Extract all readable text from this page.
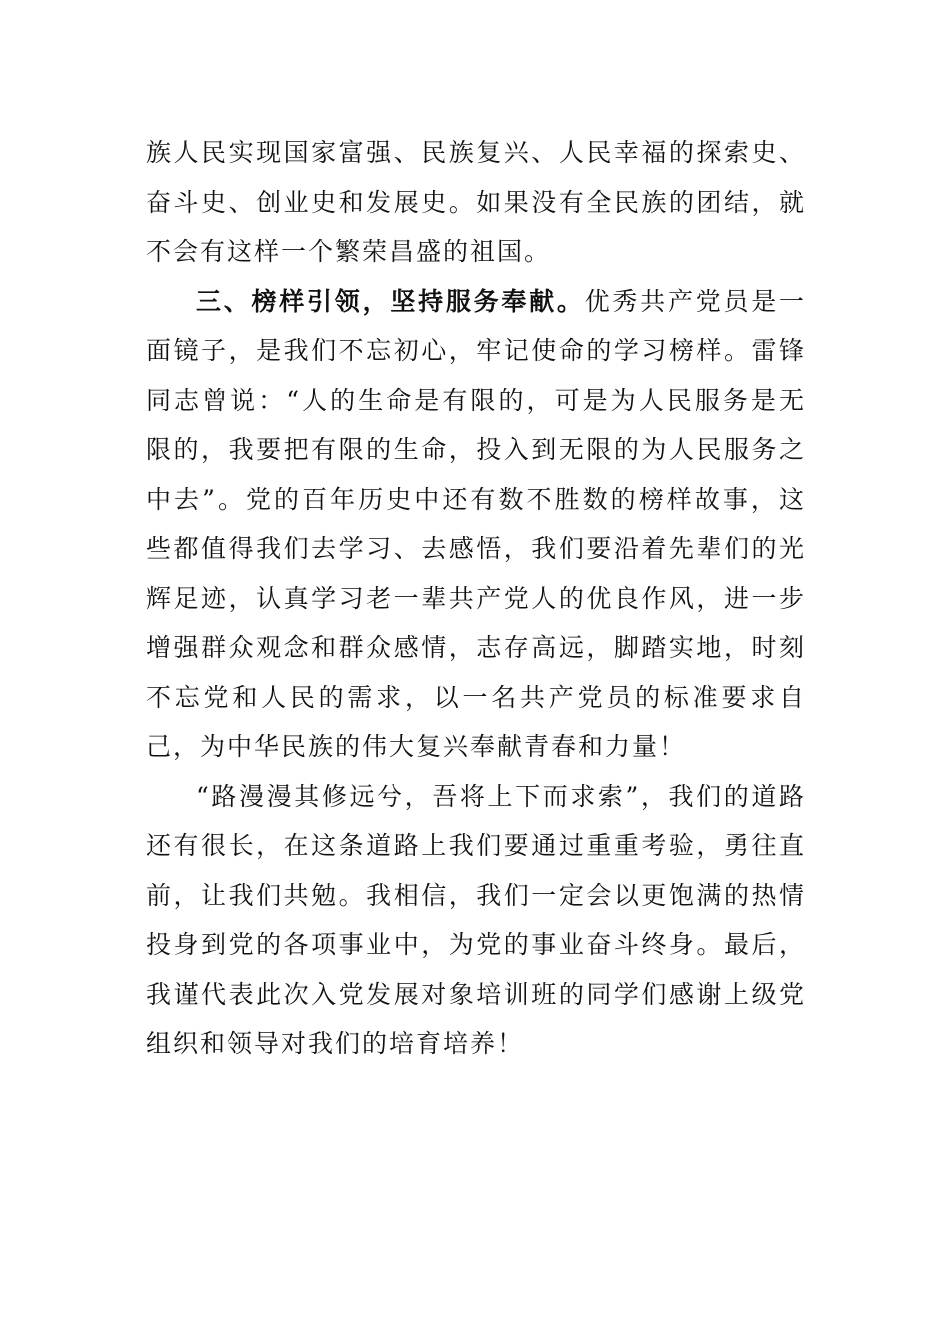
族人民实现国家富强、民族复兴、人民幸福的探索史、奋斗史、创业史和发展史。如果没有全民族的团结，就不会有这样一个繁荣昌盛的祖国。

三、榜样引领，坚持服务奉献。优秀共产党员是一面镜子，是我们不忘初心，牢记使命的学习榜样。雷锋同志曾说：“人的生命是有限的，可是为人民服务是无限的，我要把有限的生命，投入到无限的为人民服务之中去”。党的百年历史中还有数不胜数的榜样故事，这些都值得我们去学习、去感悟，我们要沿着先辈们的光辉足迹，认真学习老一辈共产党人的优良作风，进一步增强群众观念和群众感情，志存高远，脚踏实地，时刻不忘党和人民的需求，以一名共产党员的标准要求自己，为中华民族的伟大复兴奉献青春和力量！

“路漫漫其修远兮，吾将上下而求索”，我们的道路还有很长，在这条道路上我们要通过重重考验，勇往直前，让我们共勉。我相信，我们一定会以更饱满的热情投身到党的各项事业中，为党的事业奋斗终身。最后，我谨代表此次入党发展对象培训班的同学们感谢上级党组织和领导对我们的培育培养！
